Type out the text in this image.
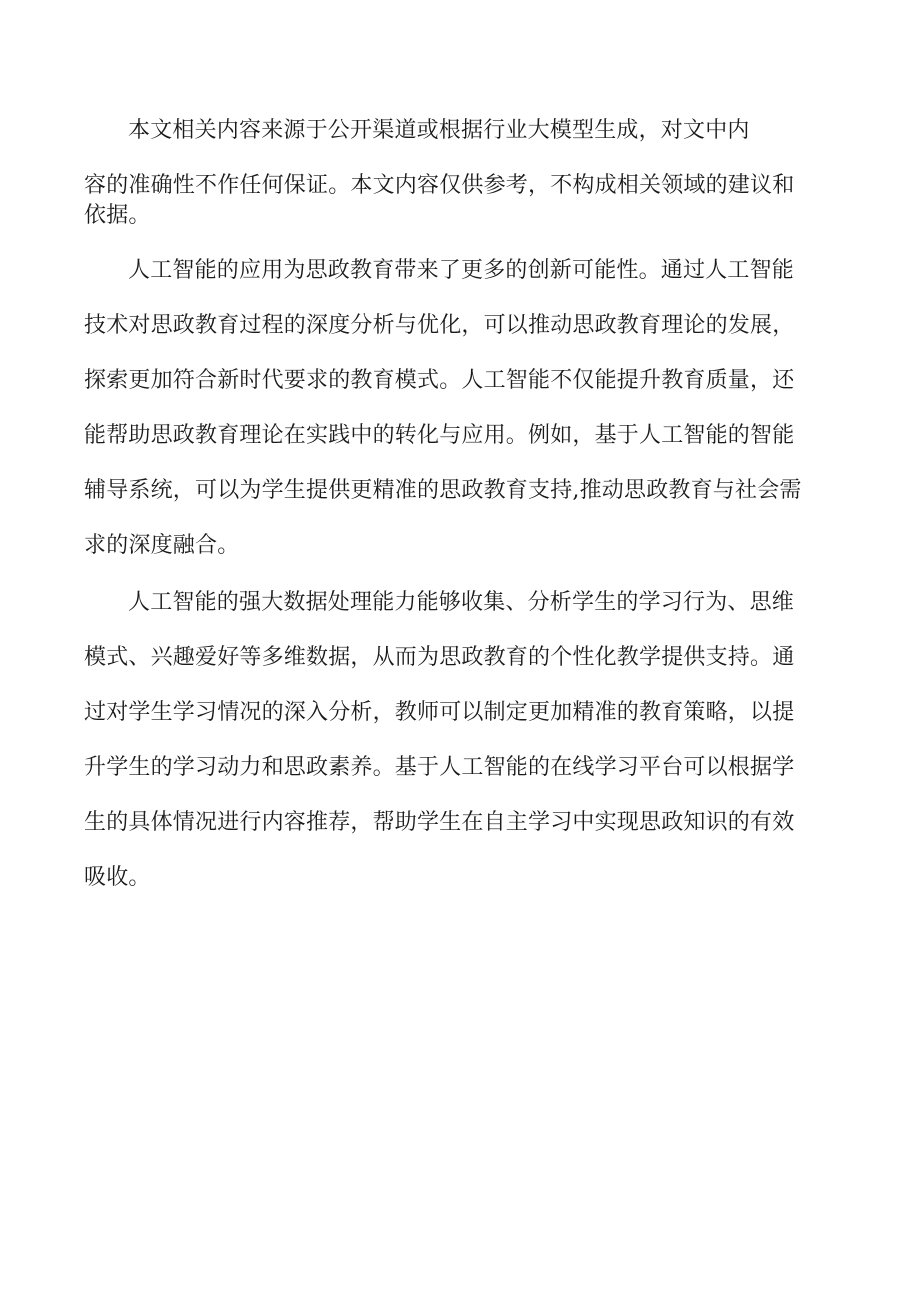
本文相关内容来源于公开渠道或根据行业大模型生成，对文中内
容的准确性不作任何保证。本文内容仅供参考，不构成相关领域的建议和
依据。
人工智能的应用为思政教育带来了更多的创新可能性。通过人工智能
技术对思政教育过程的深度分析与优化，可以推动思政教育理论的发展，
探索更加符合新时代要求的教育模式。人工智能不仅能提升教育质量，还
能帮助思政教育理论在实践中的转化与应用。例如，基于人工智能的智能
辅导系统，可以为学生提供更精准的思政教育支持,推动思政教育与社会需
求的深度融合。
人工智能的强大数据处理能力能够收集、分析学生的学习行为、思维
模式、兴趣爱好等多维数据，从而为思政教育的个性化教学提供支持。通
过对学生学习情况的深入分析，教师可以制定更加精准的教育策略，以提
升学生的学习动力和思政素养。基于人工智能的在线学习平台可以根据学
生的具体情况进行内容推荐，帮助学生在自主学习中实现思政知识的有效
吸收。
